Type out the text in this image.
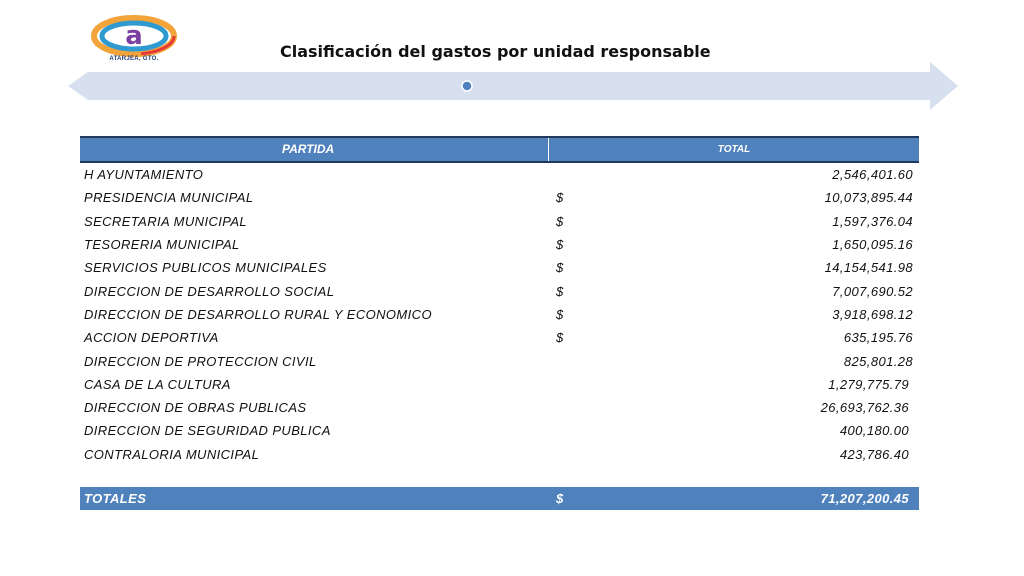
a
ATARJEA, GTO.	Clasificación del gastos por unidad responsable
PARTIDA	TOTAL
H AYUNTAMIENTO	2,546,401.60
PRESIDENCIA MUNICIPAL	$	10,073,895.44
SECRETARIA MUNICIPAL	$	1,597,376.04
TESORERIA MUNICIPAL	$	1,650,095.16
SERVICIOS PUBLICOS MUNICIPALES	$	14,154,541.98
DIRECCION DE DESARROLLO SOCIAL	$	7,007,690.52
DIRECCION DE DESARROLLO RURAL Y ECONOMICO	$	3,918,698.12
ACCION DEPORTIVA	$	635,195.76
DIRECCION DE PROTECCION CIVIL	825,801.28
CASA DE LA CULTURA	1,279,775.79
DIRECCION DE OBRAS PUBLICAS	26,693,762.36
DIRECCION DE SEGURIDAD PUBLICA	400,180.00
CONTRALORIA MUNICIPAL	423,786.40
TOTALES	$	71,207,200.45
